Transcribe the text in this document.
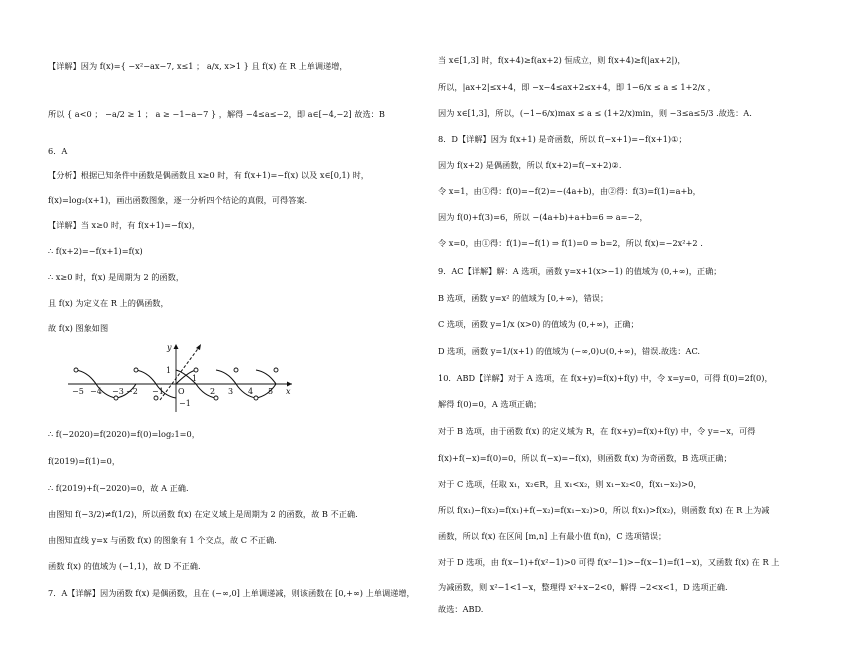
【详解】因为 f(x)={ −x²−ax−7, x≤1 ； a/x, x>1 } 且 f(x) 在 R 上单调递增，
所以 { a<0 ； −a/2 ≥ 1 ； a ≥ −1−a−7 } ，解得 −4≤a≤−2，即 a∈[−4,−2] 故选：B
6．A
【分析】根据已知条件中函数是偶函数且 x≥0 时，有 f(x+1)=−f(x) 以及 x∈[0,1) 时，
f(x)=log₂(x+1)，画出函数图象，逐一分析四个结论的真假，可得答案.
【详解】当 x≥0 时，有 f(x+1)=−f(x)，
∴ f(x+2)=−f(x+1)=f(x)
∴ x≥0 时，f(x) 是周期为 2 的函数，
且 f(x) 为定义在 R 上的偶函数，
故 f(x) 图象如图
−5 −4 −3 −2 −1 O
1
2 3 4 5
1
−1
x
y
∴ f(−2020)=f(2020)=f(0)=log₂1=0，
f(2019)=f(1)=0，
∴ f(2019)+f(−2020)=0，故 A 正确.
由图知 f(−3/2)≠f(1/2)，所以函数 f(x) 在定义域上是周期为 2 的函数，故 B 不正确.
由图知直线 y=x 与函数 f(x) 的图象有 1 个交点，故 C 不正确.
函数 f(x) 的值域为 (−1,1)，故 D 不正确.
7．A【详解】因为函数 f(x) 是偶函数，且在 (−∞,0] 上单调递减，则该函数在 [0,+∞) 上单调递增，
当 x∈[1,3] 时，f(x+4)≥f(ax+2) 恒成立，则 f(x+4)≥f(|ax+2|)，
所以，|ax+2|≤x+4，即 −x−4≤ax+2≤x+4，即 1−6/x ≤ a ≤ 1+2/x ，
因为 x∈[1,3]，所以，(−1−6/x)max ≤ a ≤ (1+2/x)min，则 −3≤a≤5/3 .故选：A.
8．D【详解】因为 f(x+1) 是奇函数，所以 f(−x+1)=−f(x+1)①；
因为 f(x+2) 是偶函数，所以 f(x+2)=f(−x+2)②.
令 x=1，由①得：f(0)=−f(2)=−(4a+b)，由②得：f(3)=f(1)=a+b，
因为 f(0)+f(3)=6，所以 −(4a+b)+a+b=6 ⇒ a=−2，
令 x=0，由①得：f(1)=−f(1) ⇒ f(1)=0 ⇒ b=2，所以 f(x)=−2x²+2 .
9．AC【详解】解：A 选项，函数 y=x+1(x>−1) 的值域为 (0,+∞)，正确；
B 选项，函数 y=x² 的值域为 [0,+∞)，错误；
C 选项，函数 y=1/x (x>0) 的值域为 (0,+∞)，正确；
D 选项，函数 y=1/(x+1) 的值域为 (−∞,0)∪(0,+∞)，错误.故选：AC.
10．ABD【详解】对于 A 选项，在 f(x+y)=f(x)+f(y) 中，令 x=y=0，可得 f(0)=2f(0)，
解得 f(0)=0，A 选项正确；
对于 B 选项，由于函数 f(x) 的定义域为 R，在 f(x+y)=f(x)+f(y) 中，令 y=−x，可得
f(x)+f(−x)=f(0)=0，所以 f(−x)=−f(x)，则函数 f(x) 为奇函数，B 选项正确；
对于 C 选项，任取 x₁，x₂∈R，且 x₁<x₂，则 x₁−x₂<0，f(x₁−x₂)>0，
所以 f(x₁)−f(x₂)=f(x₁)+f(−x₂)=f(x₁−x₂)>0，所以 f(x₁)>f(x₂)，则函数 f(x) 在 R 上为减
函数，所以 f(x) 在区间 [m,n] 上有最小值 f(n)，C 选项错误；
对于 D 选项，由 f(x−1)+f(x²−1)>0 可得 f(x²−1)>−f(x−1)=f(1−x)，又函数 f(x) 在 R 上
为减函数，则 x²−1<1−x，整理得 x²+x−2<0，解得 −2<x<1，D 选项正确.
故选：ABD.
